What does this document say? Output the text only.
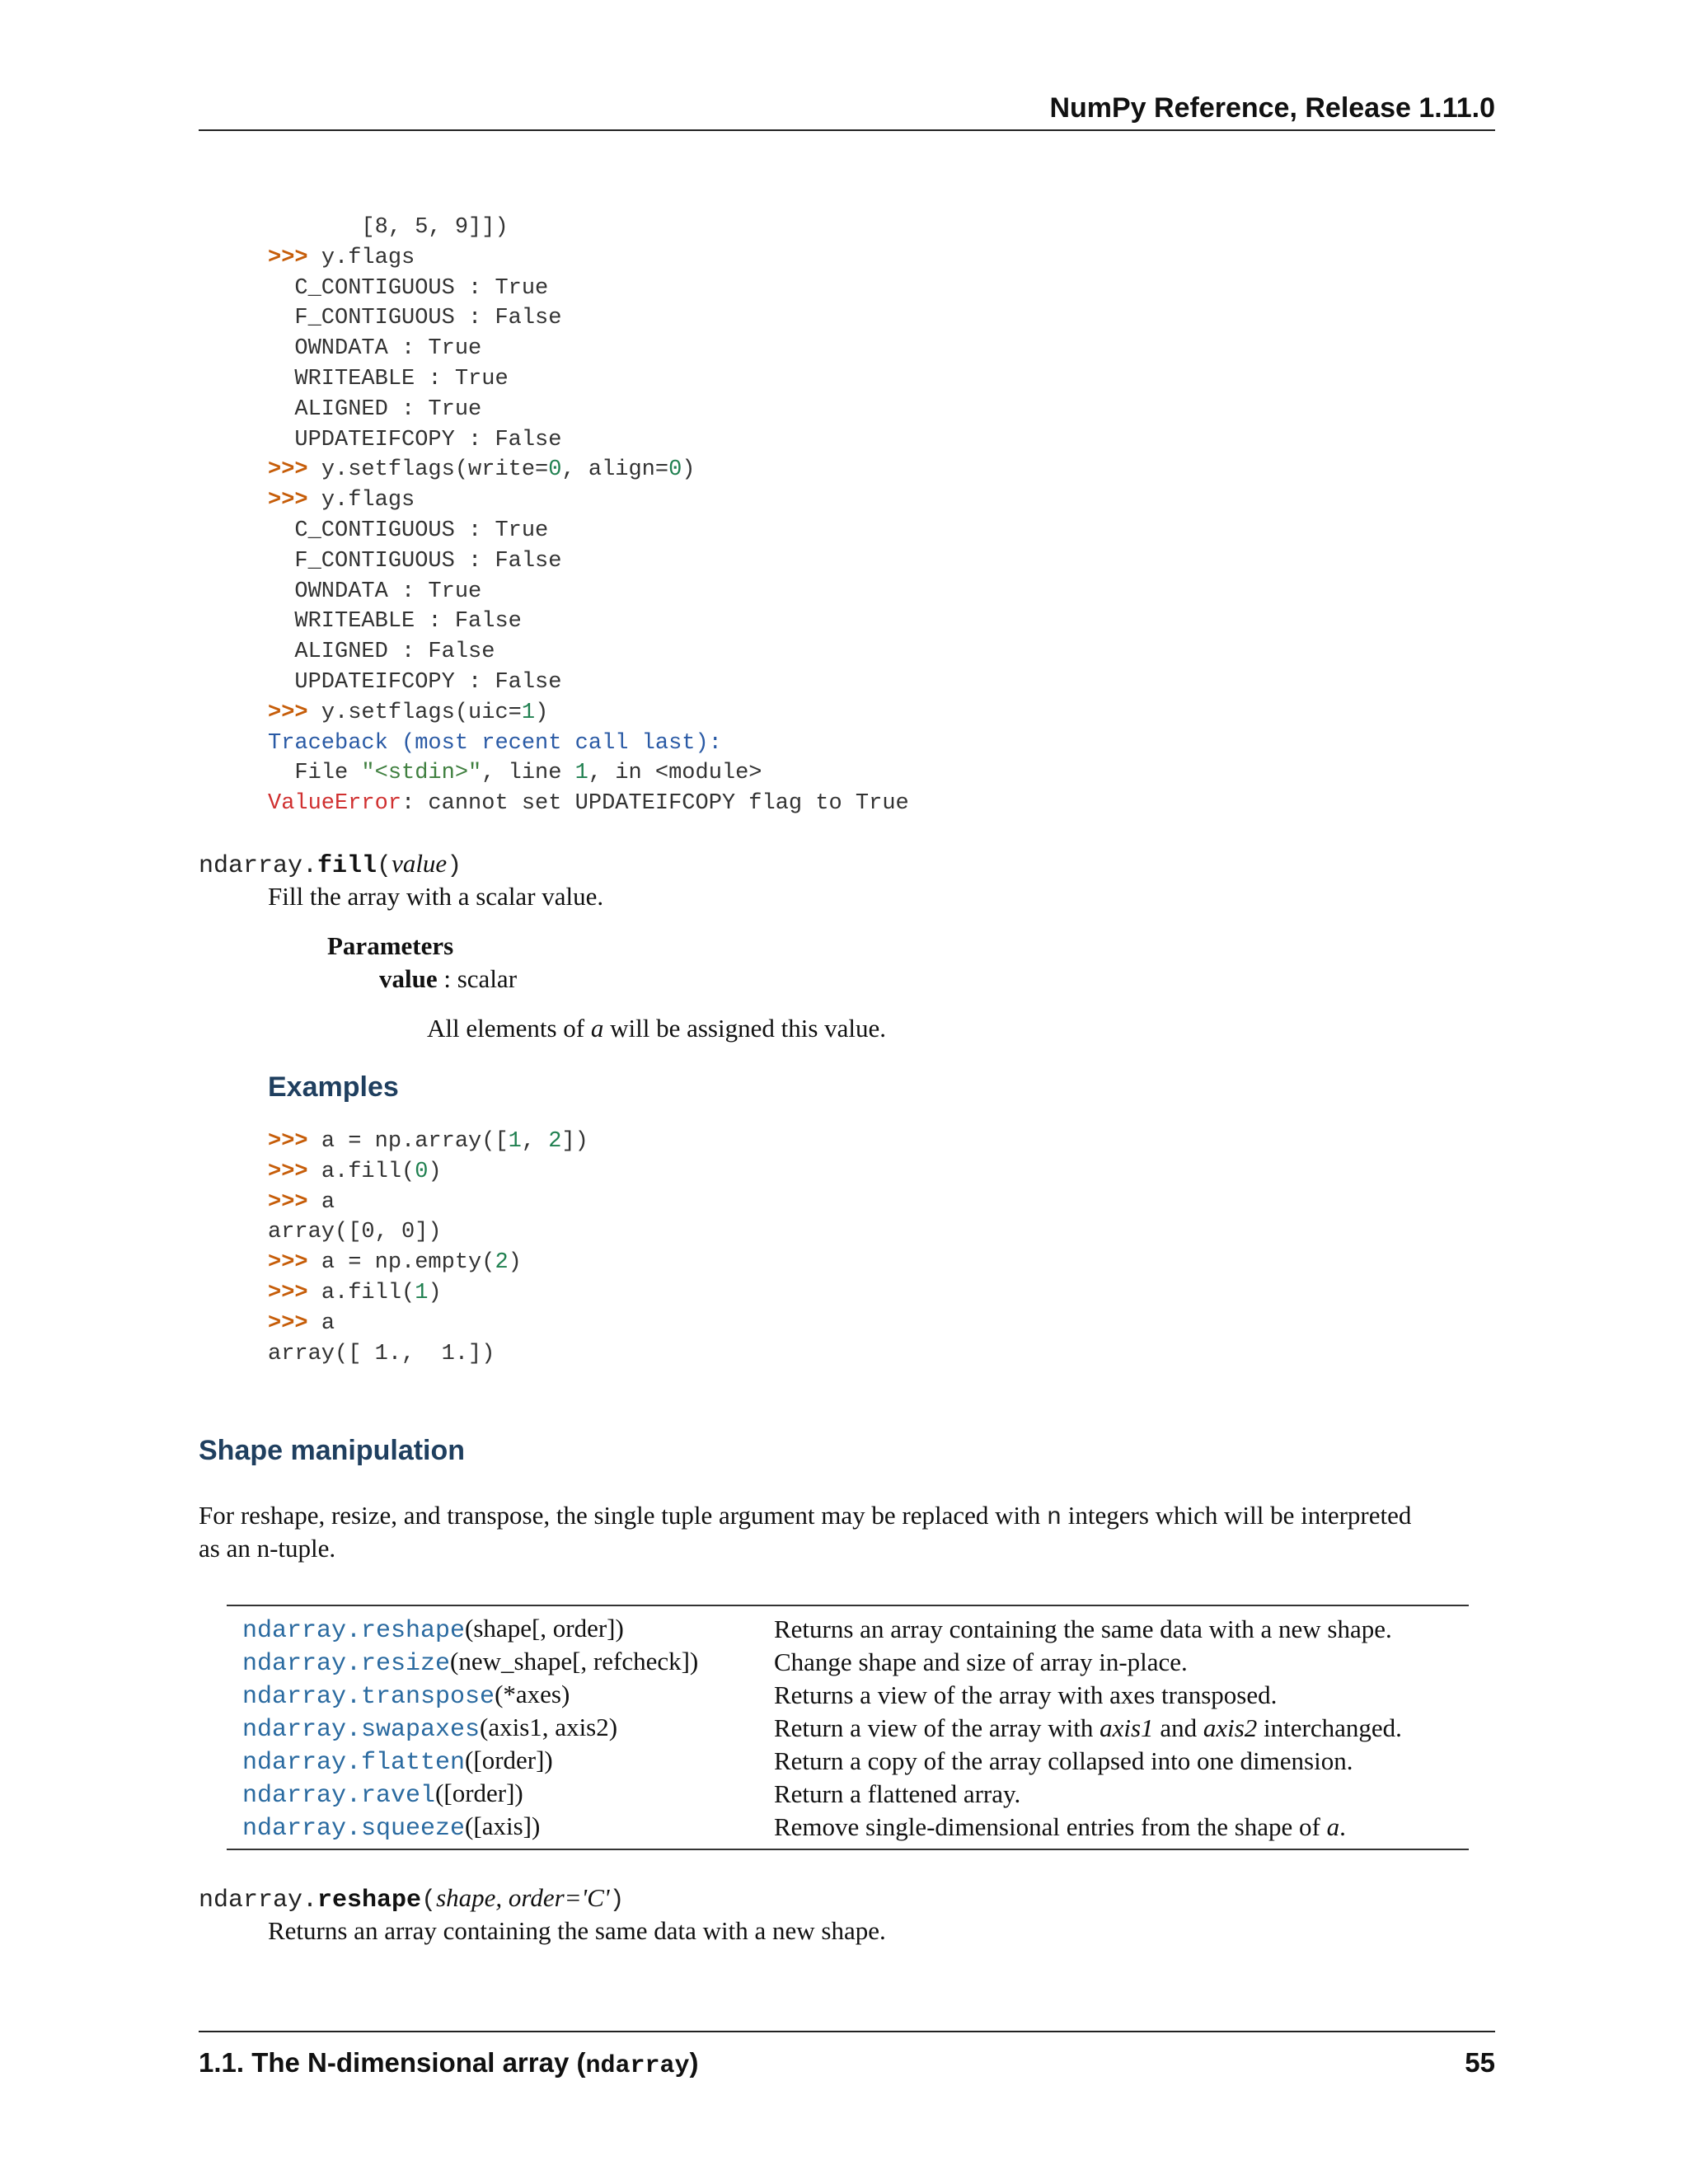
NumPy Reference, Release 1.11.0
[8, 5, 9]])
>>> y.flags
C_CONTIGUOUS : True
F_CONTIGUOUS : False
OWNDATA : True
WRITEABLE : True
ALIGNED : True
UPDATEIFCOPY : False
>>> y.setflags(write=0, align=0)
>>> y.flags
C_CONTIGUOUS : True
F_CONTIGUOUS : False
OWNDATA : True
WRITEABLE : False
ALIGNED : False
UPDATEIFCOPY : False
>>> y.setflags(uic=1)
Traceback (most recent call last):
File "<stdin>", line 1, in <module>
ValueError: cannot set UPDATEIFCOPY flag to True
ndarray.fill(value)
Fill the array with a scalar value.
Parameters
value : scalar
All elements of a will be assigned this value.
Examples
>>> a = np.array([1, 2])
>>> a.fill(0)
>>> a
array([0, 0])
>>> a = np.empty(2)
>>> a.fill(1)
>>> a
array([ 1.,  1.])
Shape manipulation
For reshape, resize, and transpose, the single tuple argument may be replaced with n integers which will be interpreted
as an n-tuple.
ndarray.reshape(shape[, order])	Returns an array containing the same data with a new shape.
ndarray.resize(new_shape[, refcheck])	Change shape and size of array in-place.
ndarray.transpose(*axes)	Returns a view of the array with axes transposed.
ndarray.swapaxes(axis1, axis2)	Return a view of the array with axis1 and axis2 interchanged.
ndarray.flatten([order])	Return a copy of the array collapsed into one dimension.
ndarray.ravel([order])	Return a flattened array.
ndarray.squeeze([axis])	Remove single-dimensional entries from the shape of a.
ndarray.reshape(shape, order='C')
Returns an array containing the same data with a new shape.
1.1. The N-dimensional array (ndarray)	55
